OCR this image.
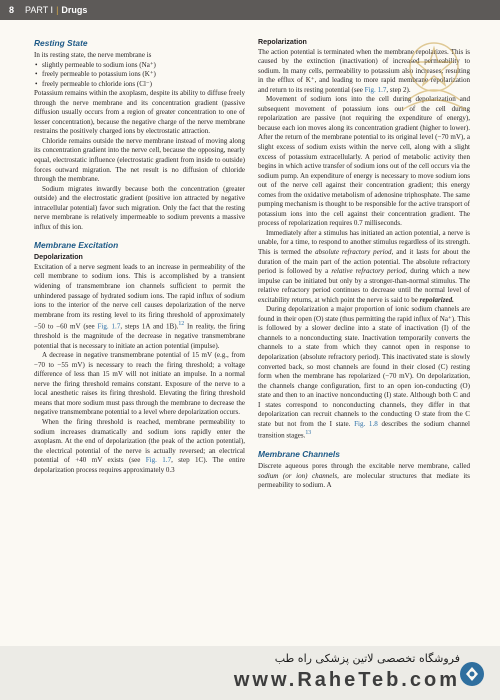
8 PART I | Drugs
Resting State

In its resting state, the nerve membrane is

• slightly permeable to sodium ions (Na⁺)
• freely permeable to potassium ions (K⁺)
• freely permeable to chloride ions (Cl⁻)

Potassium remains within the axoplasm, despite its ability to diffuse freely through the nerve membrane and its concentration gradient (passive diffusion usually occurs from a region of greater concentration to one of lesser concentration), because the negative charge of the nerve membrane restrains the positively charged ions by electrostatic attraction.

Chloride remains outside the nerve membrane instead of moving along its concentration gradient into the nerve cell, because the opposing, nearly equal, electrostatic influence (electrostatic gradient from inside to outside) forces outward migration. The net result is no diffusion of chloride through the membrane.

Sodium migrates inwardly because both the concentration (greater outside) and the electrostatic gradient (positive ion attracted by negative intracellular potential) favor such migration. Only the fact that the resting nerve membrane is relatively impermeable to sodium prevents a massive influx of this ion.

Membrane Excitation
Depolarization

Excitation of a nerve segment leads to an increase in permeability of the cell membrane to sodium ions. This is accomplished by a transient widening of transmembrane ion channels sufficient to permit the unhindered passage of hydrated sodium ions. The rapid influx of sodium ions to the interior of the nerve cell causes depolarization of the nerve membrane from its resting level to its firing threshold of approximately −50 to −60 mV (see Fig. 1.7, steps 1A and 1B).$^{12}$ In reality, the firing threshold is the magnitude of the decrease in negative transmembrane potential that is necessary to initiate an action potential (impulse).

A decrease in negative transmembrane potential of 15 mV (e.g., from −70 to −55 mV) is necessary to reach the firing threshold; a voltage difference of less than 15 mV will not initiate an impulse. In a normal nerve the firing threshold remains constant. Exposure of the nerve to a local anesthetic raises its firing threshold. Elevating the firing threshold means that more sodium must pass through the membrane to decrease the negative transmembrane potential to a level where depolarization occurs.

When the firing threshold is reached, membrane permeability to sodium increases dramatically and sodium ions rapidly enter the axoplasm. At the end of depolarization (the peak of the action potential), the electrical potential of the nerve is actually reversed; an electrical potential of +40 mV exists (see Fig. 1.7, step 1C). The entire depolarization process requires approximately 0.3

Repolarization

The action potential is terminated when the membrane repolarizes. This is caused by the extinction (inactivation) of increased permeability to sodium. In many cells, permeability to potassium also increases, resulting in the efflux of K⁺, and leading to more rapid membrane repolarization and return to its resting potential (see Fig. 1.7, step 2).

Movement of sodium ions into the cell during depolarization and subsequent movement of potassium ions out of the cell during repolarization are passive (not requiring the expenditure of energy), because each ion moves along its concentration gradient (higher to lower). After the return of the membrane potential to its original level (−70 mV), a slight excess of sodium exists within the nerve cell, along with a slight excess of potassium extracellularly. A period of metabolic activity then begins in which active transfer of sodium ions out of the cell occurs via the sodium pump. An expenditure of energy is necessary to move sodium ions out of the nerve cell against their concentration gradient; this energy comes from the oxidative metabolism of adenosine triphosphate. The same pumping mechanism is thought to be responsible for the active transport of potassium ions into the cell against their concentration gradient. The process of repolarization requires 0.7 milliseconds.

Immediately after a stimulus has initiated an action potential, a nerve is unable, for a time, to respond to another stimulus regardless of its strength. This is termed the absolute refractory period, and it lasts for about the duration of the main part of the action potential. The absolute refractory period is followed by a relative refractory period, during which a new impulse can be initiated but only by a stronger-than-normal stimulus. The relative refractory period continues to decrease until the normal level of excitability returns, at which point the nerve is said to be repolarized.

During depolarization a major proportion of ionic sodium channels are found in their open (O) state (thus permitting the rapid influx of Na⁺). This is followed by a slower decline into a state of inactivation (I) of the channels to a nonconducting state. Inactivation temporarily converts the channels to a state from which they cannot open in response to depolarization (absolute refractory period). This inactivated state is slowly converted back, so most channels are found in their closed (C) resting form when the membrane has repolarized (−70 mV). On depolarization, the channels change configuration, first to an open ion-conducting (O) state and then to an inactive nonconducting (I) state. Although both C and I states correspond to nonconducting channels, they differ in that depolarization can recruit channels to the conducting O state from the C state but not from the I state. Fig. 1.8 describes the sodium channel transition stages.$^{13}$

Membrane Channels

Discrete aqueous pores through the excitable nerve membrane, called sodium (or ion) channels, are molecular structures that mediate its permeability to sodium. A

فروشگاه تخصصی لاتین پزشکی راه طب
www.RaheTeb.com
